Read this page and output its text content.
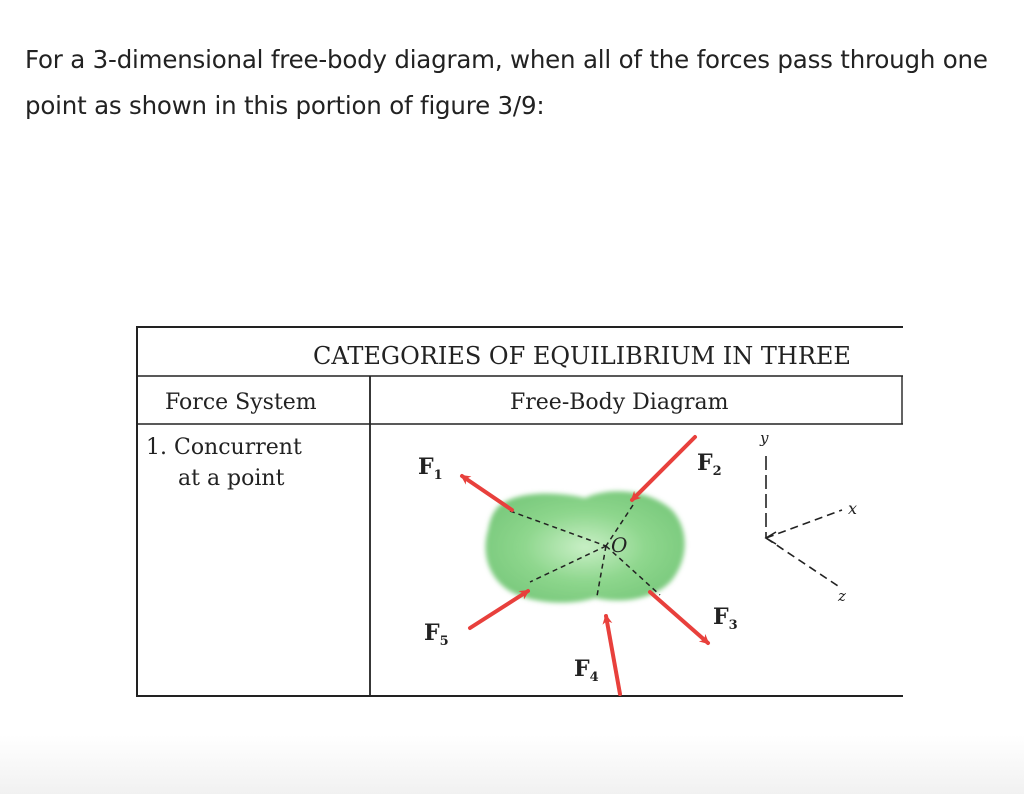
For a 3-dimensional free-body diagram, when all of the forces pass through one point as shown in this portion of figure 3/9:

CATEGORIES OF EQUILIBRIUM IN THREE
Force System	Free-Body Diagram
1. Concurrent
at a point
O
$F_1$	$F_2$
$F_3$
$F_4$
$F_5$
y
x
z
